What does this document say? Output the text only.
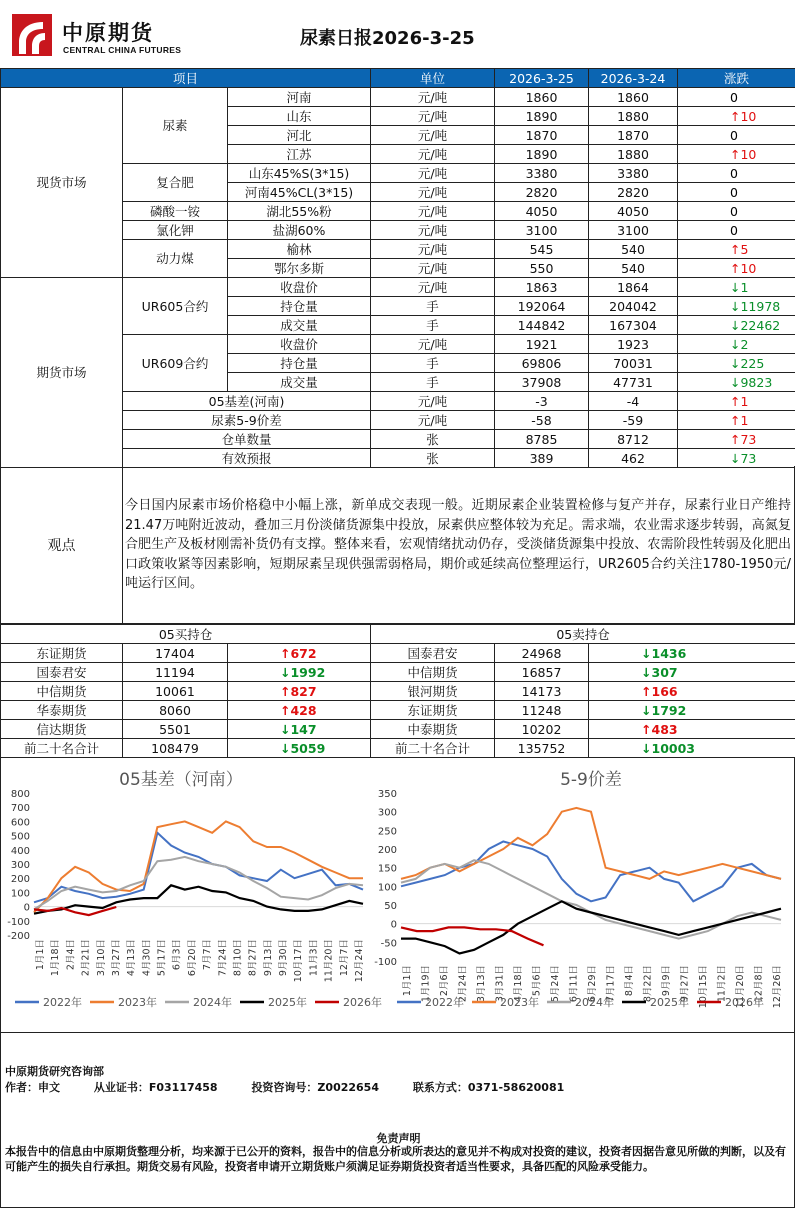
中原期货
CENTRAL CHINA FUTURES
尿素日报2026-3-25
项目			单位	2026-3-25	2026-3-24	涨跌
现货市场	尿素	河南	元/吨	1860	1860	0
		山东	元/吨	1890	1880	↑10
		河北	元/吨	1870	1870	0
		江苏	元/吨	1890	1880	↑10
	复合肥	山东45%S(3*15)	元/吨	3380	3380	0
		河南45%CL(3*15)	元/吨	2820	2820	0
	磷酸一铵	湖北55%粉	元/吨	4050	4050	0
	氯化钾	盐湖60%	元/吨	3100	3100	0
	动力煤	榆林	元/吨	545	540	↑5
		鄂尔多斯	元/吨	550	540	↑10
期货市场	UR605合约	收盘价	元/吨	1863	1864	↓1
		持仓量	手	192064	204042	↓11978
		成交量	手	144842	167304	↓22462
	UR609合约	收盘价	元/吨	1921	1923	↓2
		持仓量	手	69806	70031	↓225
		成交量	手	37908	47731	↓9823
	05基差(河南)		元/吨	-3	-4	↑1
	尿素5-9价差		元/吨	-58	-59	↑1
	仓单数量		张	8785	8712	↑73
	有效预报		张	389	462	↓73
观点
今日国内尿素市场价格稳中小幅上涨，新单成交表现一般。近期尿素企业装置检修与复产并存，尿素行业日产维持21.47万吨附近波动，叠加三月份淡储货源集中投放，尿素供应整体较为充足。需求端，农业需求逐步转弱，高氮复合肥生产及板材刚需补货仍有支撑。整体来看，宏观情绪扰动仍存，受淡储货源集中投放、农需阶段性转弱及化肥出口政策收紧等因素影响，短期尿素呈现供强需弱格局，期价或延续高位整理运行，UR2605合约关注1780-1950元/吨运行区间。
05买持仓			05卖持仓		
东证期货	17404	↑672	国泰君安	24968	↓1436
国泰君安	11194	↓1992	中信期货	16857	↓307
中信期货	10061	↑827	银河期货	14173	↑166
华泰期货	8060	↑428	东证期货	11248	↓1792
信达期货	5501	↓147	中泰期货	10202	↑483
前二十名合计	108479	↓5059	前二十名合计	135752	↓10003
05基差（河南）
800
700
600
500
400
300
200
100
0
-100
-200
1月1日 1月18日 2月4日 2月21日 3月10日 3月27日 4月13日 4月30日 5月17日 6月3日 6月20日 7月7日 7月24日 8月10日 8月27日 9月13日 9月30日 10月17日 11月3日 11月20日 12月7日 12月24日
5-9价差
350
300
250
200
150
100
50
0
-50
-100
1月1日 1月19日 2月6日 2月24日 3月13日 3月31日 4月18日 5月6日 5月24日 6月11日 6月29日 7月17日 8月4日 8月22日 9月9日 9月27日 10月15日 11月2日 11月20日 12月8日 12月26日
2022年	2023年	2024年	2025年	2026年	2022年	2023年	2024年	2025年	2026年
中原期货研究咨询部
作者：申文	从业证书：F03117458	投资咨询号：Z0022654	联系方式：0371-58620081
免责声明
本报告中的信息由中原期货整理分析，均来源于已公开的资料，报告中的信息分析或所表达的意见并不构成对投资的建议，投资者因据告意见所做的判断，以及有可能产生的损失自行承担。期货交易有风险，投资者申请开立期货账户须满足证券期货投资者适当性要求，具备匹配的风险承受能力。
